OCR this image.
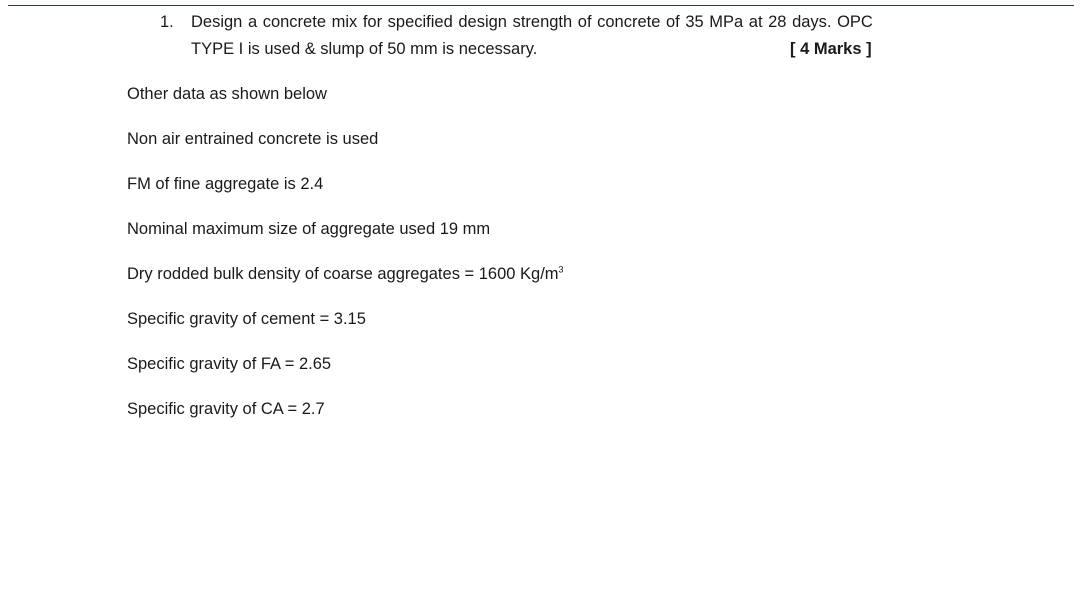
1. Design a concrete mix for specified design strength of concrete of 35 MPa at 28 days. OPC
TYPE I is used & slump of 50 mm is necessary.	[ 4 Marks ]
Other data as shown below
Non air entrained concrete is used
FM of fine aggregate is 2.4
Nominal maximum size of aggregate used 19 mm
Dry rodded bulk density of coarse aggregates = 1600 $Kg/m^3$
Specific gravity of cement = 3.15
Specific gravity of FA = 2.65
Specific gravity of CA = 2.7
